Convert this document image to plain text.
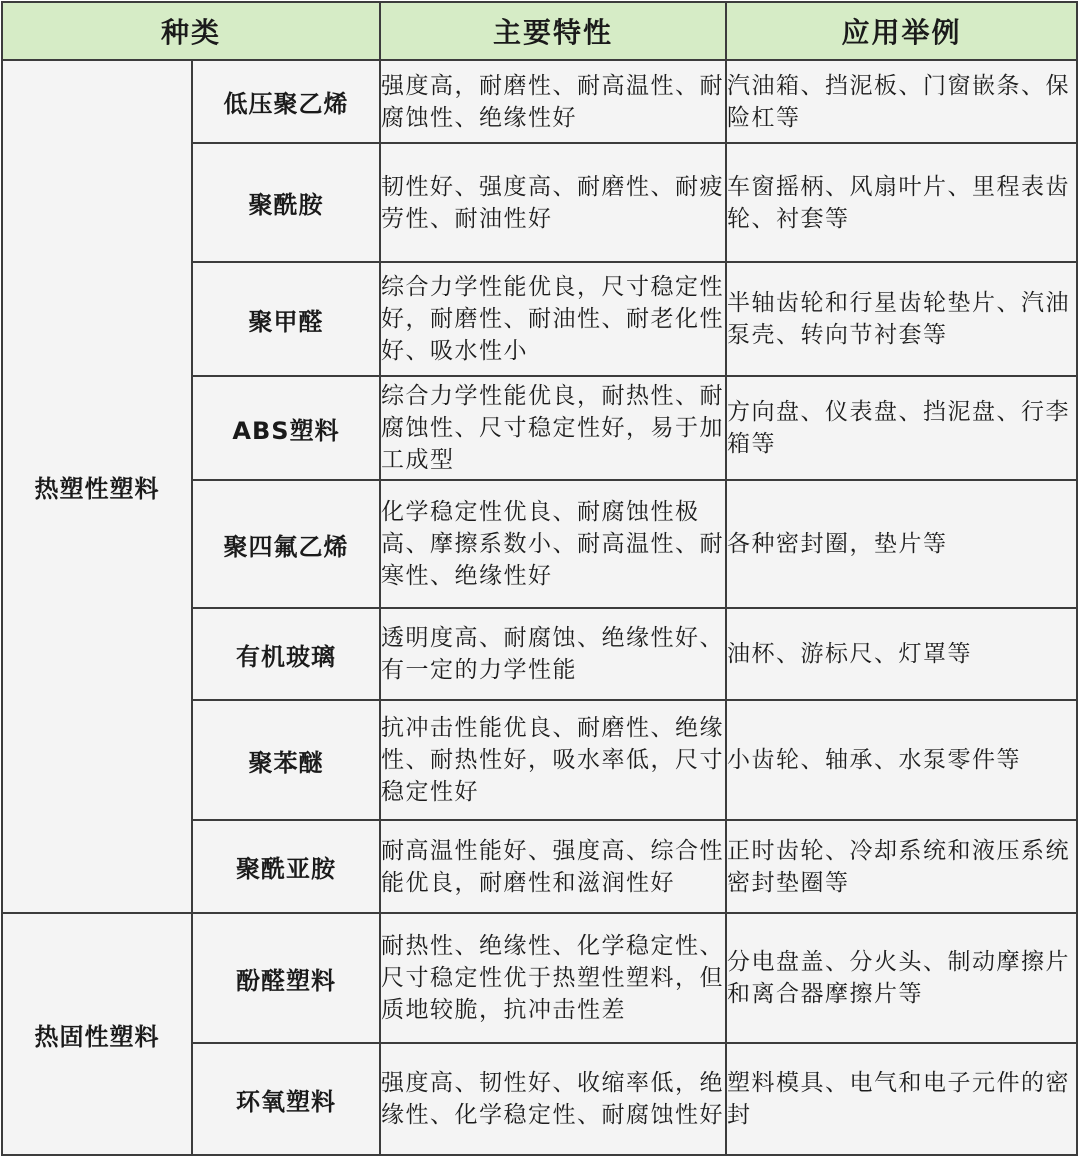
种类		主要特性	应用举例
热塑性塑料	低压聚乙烯	强度高，耐磨性、耐高温性、耐腐蚀性、绝缘性好	汽油箱、挡泥板、门窗嵌条、保险杠等
	聚酰胺	韧性好、强度高、耐磨性、耐疲劳性、耐油性好	车窗摇柄、风扇叶片、里程表齿轮、衬套等
	聚甲醛	综合力学性能优良，尺寸稳定性好，耐磨性、耐油性、耐老化性好、吸水性小	半轴齿轮和行星齿轮垫片、汽油泵壳、转向节衬套等
	ABS塑料	综合力学性能优良，耐热性、耐腐蚀性、尺寸稳定性好，易于加工成型	方向盘、仪表盘、挡泥盘、行李箱等
	聚四氟乙烯	化学稳定性优良、耐腐蚀性极高、摩擦系数小、耐高温性、耐寒性、绝缘性好	各种密封圈，垫片等
	有机玻璃	透明度高、耐腐蚀、绝缘性好、有一定的力学性能	油杯、游标尺、灯罩等
	聚苯醚	抗冲击性能优良、耐磨性、绝缘性、耐热性好，吸水率低，尺寸稳定性好	小齿轮、轴承、水泵零件等
	聚酰亚胺	耐高温性能好、强度高、综合性能优良，耐磨性和滋润性好	正时齿轮、冷却系统和液压系统密封垫圈等
热固性塑料	酚醛塑料	耐热性、绝缘性、化学稳定性、尺寸稳定性优于热塑性塑料，但质地较脆，抗冲击性差	分电盘盖、分火头、制动摩擦片和离合器摩擦片等
	环氧塑料	强度高、韧性好、收缩率低，绝缘性、化学稳定性、耐腐蚀性好	塑料模具、电气和电子元件的密封
